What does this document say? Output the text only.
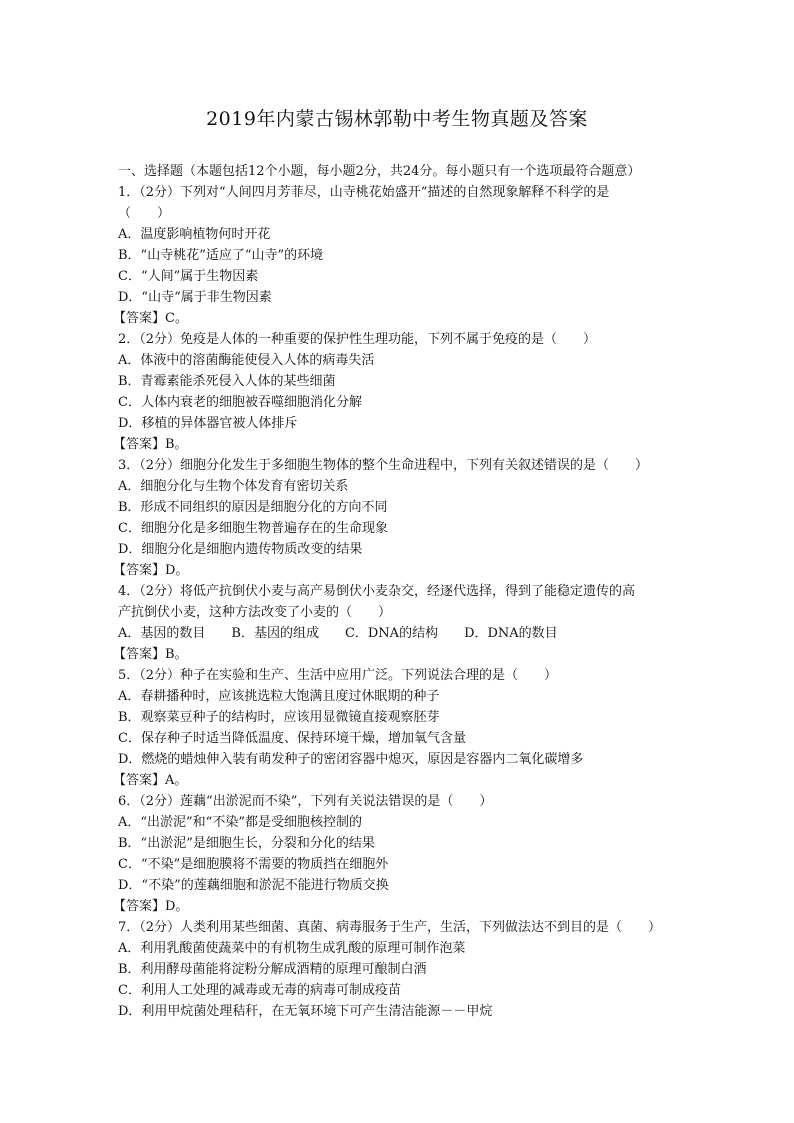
2019年内蒙古锡林郭勒中考生物真题及答案
一、选择题（本题包括12个小题，每小题2分，共24分。每小题只有一个选项最符合题意）
1．（2分）下列对“人间四月芳菲尽，山寺桃花始盛开”描述的自然现象解释不科学的是
（　　）
A．温度影响植物何时开花
B．“山寺桃花”适应了“山寺”的环境
C．“人间”属于生物因素
D．“山寺“属于非生物因素
【答案】C。
2．（2分）免疫是人体的一种重要的保护性生理功能，下列不属于免疫的是（　　）
A．体液中的溶菌酶能使侵入人体的病毒失活
B．青霉素能杀死侵入人体的某些细菌
C．人体内衰老的细胞被吞噬细胞消化分解
D．移植的异体器官被人体排斥
【答案】B。
3．（2分）细胞分化发生于多细胞生物体的整个生命进程中，下列有关叙述错误的是（　　）
A．细胞分化与生物个体发育有密切关系
B．形成不同组织的原因是细胞分化的方向不同
C．细胞分化是多细胞生物普遍存在的生命现象
D．细胞分化是细胞内遗传物质改变的结果
【答案】D。
4．（2分）将低产抗倒伏小麦与高产易倒伏小麦杂交，经逐代选择，得到了能稳定遗传的高
产抗倒伏小麦，这种方法改变了小麦的（　　）
A．基因的数目　　B．基因的组成　　C．DNA的结构　　D．DNA的数目
【答案】B。
5．（2分）种子在实验和生产、生活中应用广泛。下列说法合理的是（　　）
A．春耕播种时，应该挑选粒大饱满且度过休眠期的种子
B．观察菜豆种子的结构时，应该用显微镜直接观察胚芽
C．保存种子时适当降低温度、保持环境干燥，增加氧气含量
D．燃烧的蜡烛伸入装有萌发种子的密闭容器中熄灭，原因是容器内二氧化碳增多
【答案】A。
6．（2分）莲藕“出淤泥而不染”，下列有关说法错误的是（　　）
A．“出淤泥”和“不染”都是受细胞核控制的
B．“出淤泥”是细胞生长，分裂和分化的结果
C．“不染”是细胞膜将不需要的物质挡在细胞外
D．“不染”的莲藕细胞和淤泥不能进行物质交换
【答案】D。
7．（2分）人类利用某些细菌、真菌、病毒服务于生产，生活，下列做法达不到目的是（　　）
A．利用乳酸菌使蔬菜中的有机物生成乳酸的原理可制作泡菜
B．利用酵母菌能将淀粉分解成酒精的原理可酿制白酒
C．利用人工处理的减毒或无毒的病毒可制成疫苗
D．利用甲烷菌处理秸秆，在无氧环境下可产生清洁能源－－甲烷
